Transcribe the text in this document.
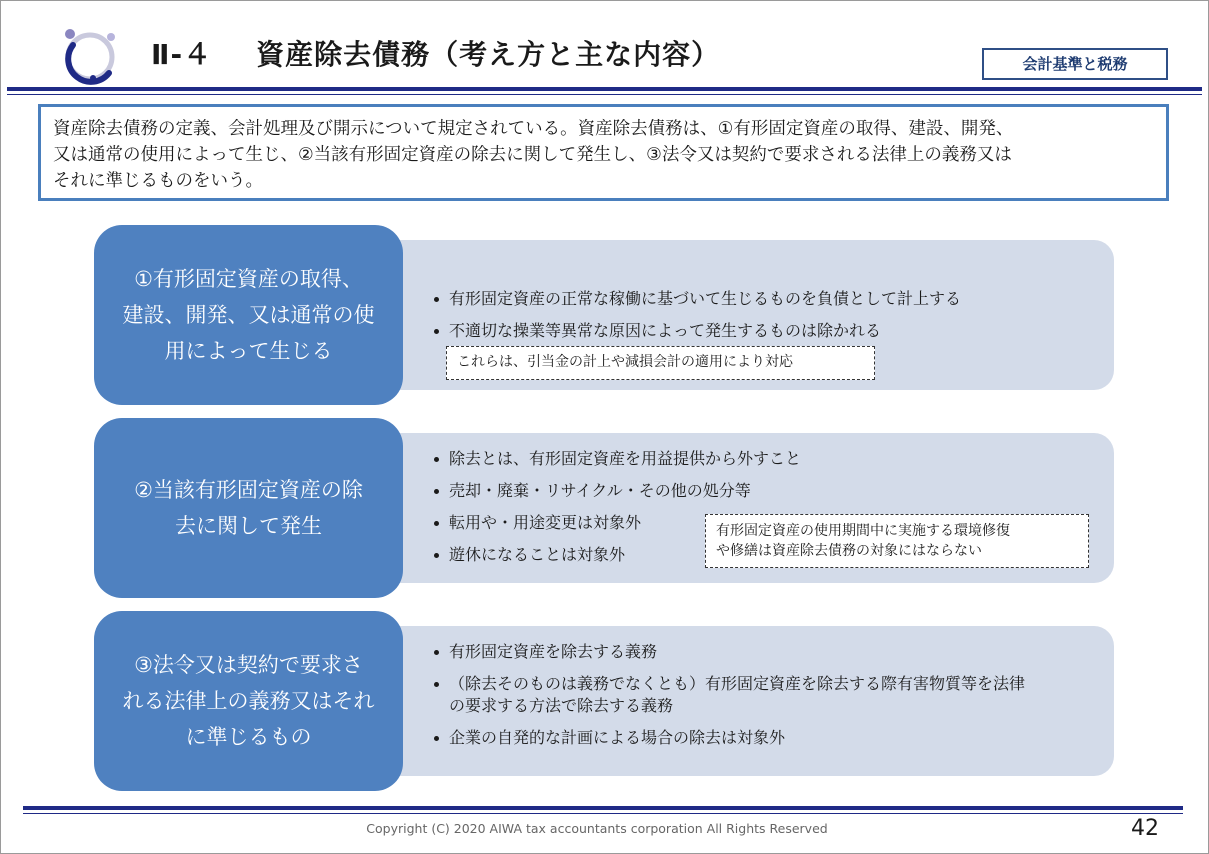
Ⅱ-４ 資産除去債務（考え方と主な内容）	会計基準と税務
資産除去債務の定義、会計処理及び開示について規定されている。資産除去債務は、①有形固定資産の取得、建設、開発、
又は通常の使用によって生じ、②当該有形固定資産の除去に関して発生し、③法令又は契約で要求される法律上の義務又は
それに準じるものをいう。
①有形固定資産の取得、
建設、開発、又は通常の使
用によって生じる
有形固定資産の正常な稼働に基づいて生じるものを負債として計上する
不適切な操業等異常な原因によって発生するものは除かれる
これらは、引当金の計上や減損会計の適用により対応
②当該有形固定資産の除
去に関して発生
除去とは、有形固定資産を用益提供から外すこと
売却・廃棄・リサイクル・その他の処分等
転用や・用途変更は対象外
遊休になることは対象外
有形固定資産の使用期間中に実施する環境修復
や修繕は資産除去債務の対象にはならない
③法令又は契約で要求さ
れる法律上の義務又はそれ
に準じるもの
有形固定資産を除去する義務
（除去そのものは義務でなくとも）有形固定資産を除去する際有害物質等を法律
の要求する方法で除去する義務
企業の自発的な計画による場合の除去は対象外
Copyright (C) 2020 AIWA tax accountants corporation All Rights Reserved	42
